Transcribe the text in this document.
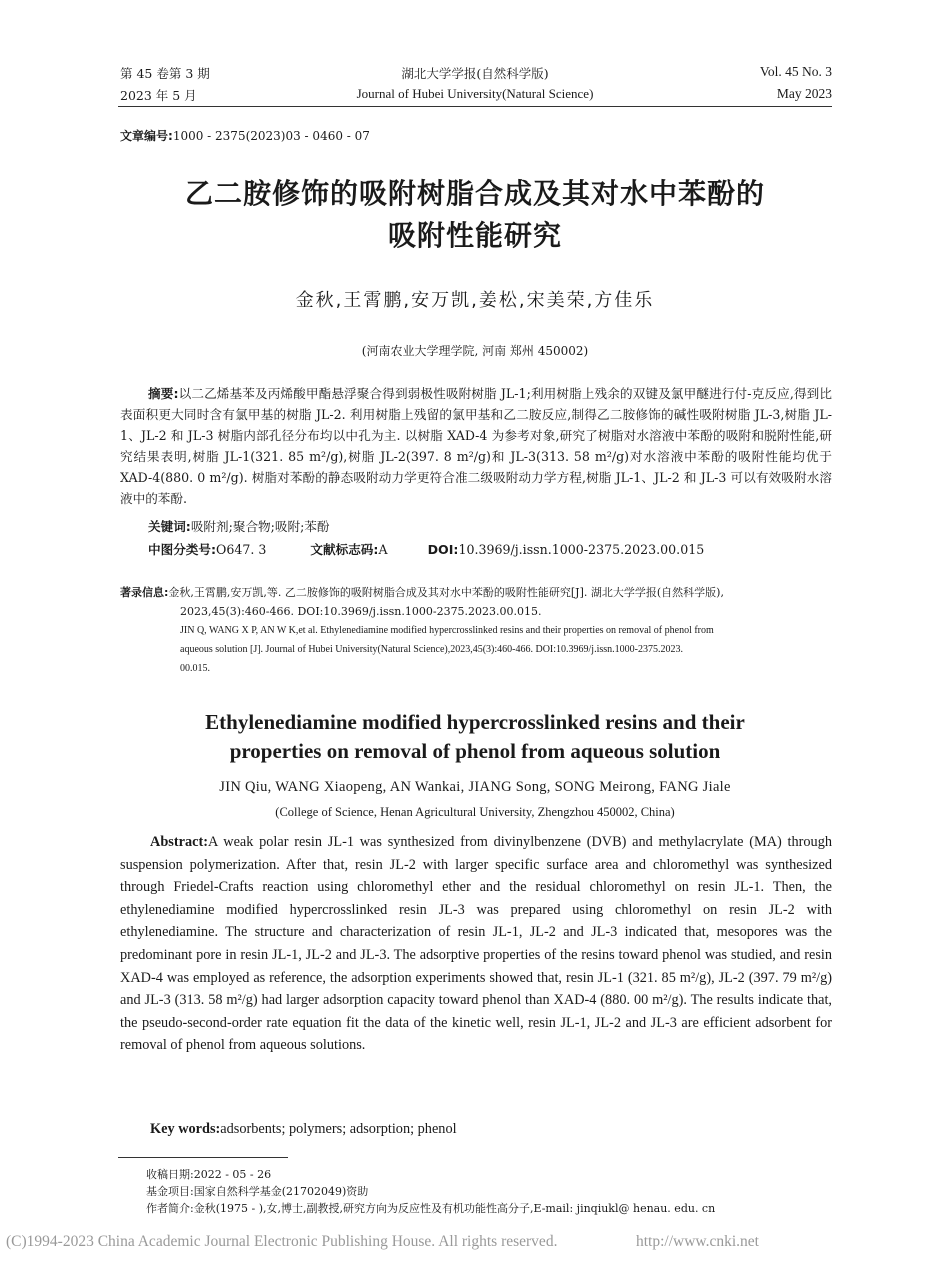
第 45 卷第 3 期
2023 年 5 月
湖北大学学报(自然科学版)
Journal of Hubei University(Natural Science)
Vol. 45 No. 3
May 2023
文章编号:1000 - 2375(2023)03 - 0460 - 07
乙二胺修饰的吸附树脂合成及其对水中苯酚的
吸附性能研究
金秋,王霄鹏,安万凯,姜松,宋美荣,方佳乐
(河南农业大学理学院, 河南 郑州 450002)
摘要:以二乙烯基苯及丙烯酸甲酯悬浮聚合得到弱极性吸附树脂 JL-1;利用树脂上残余的双键及氯甲醚进行付-克反应,得到比表面积更大同时含有氯甲基的树脂 JL-2. 利用树脂上残留的氯甲基和乙二胺反应,制得乙二胺修饰的碱性吸附树脂 JL-3,树脂 JL-1、JL-2 和 JL-3 树脂内部孔径分布均以中孔为主. 以树脂 XAD-4 为参考对象,研究了树脂对水溶液中苯酚的吸附和脱附性能,研究结果表明,树脂 JL-1(321. 85 m²/g),树脂 JL-2(397. 8 m²/g)和 JL-3(313. 58 m²/g)对水溶液中苯酚的吸附性能均优于 XAD-4(880. 0 m²/g). 树脂对苯酚的静态吸附动力学更符合准二级吸附动力学方程,树脂 JL-1、JL-2 和 JL-3 可以有效吸附水溶液中的苯酚.
关键词:吸附剂;聚合物;吸附;苯酚
中图分类号:O647. 3	文献标志码:A	DOI:10.3969/j.issn.1000-2375.2023.00.015
著录信息:金秋,王霄鹏,安万凯,等. 乙二胺修饰的吸附树脂合成及其对水中苯酚的吸附性能研究[J]. 湖北大学学报(自然科学版),
2023,45(3):460-466. DOI:10.3969/j.issn.1000-2375.2023.00.015.
JIN Q, WANG X P, AN W K,et al. Ethylenediamine modified hypercrosslinked resins and their properties on removal of phenol from
aqueous solution [J]. Journal of Hubei University(Natural Science),2023,45(3):460-466. DOI:10.3969/j.issn.1000-2375.2023.
00.015.
Ethylenediamine modified hypercrosslinked resins and their
properties on removal of phenol from aqueous solution
JIN Qiu, WANG Xiaopeng, AN Wankai, JIANG Song, SONG Meirong, FANG Jiale
(College of Science, Henan Agricultural University, Zhengzhou 450002, China)
Abstract:A weak polar resin JL-1 was synthesized from divinylbenzene (DVB) and methylacrylate (MA) through suspension polymerization. After that, resin JL-2 with larger specific surface area and chloromethyl was synthesized through Friedel-Crafts reaction using chloromethyl ether and the residual chloromethyl on resin JL-1. Then, the ethylenediamine modified hypercrosslinked resin JL-3 was prepared using chloromethyl on resin JL-2 with ethylenediamine. The structure and characterization of resin JL-1, JL-2 and JL-3 indicated that, mesopores was the predominant pore in resin JL-1, JL-2 and JL-3. The adsorptive properties of the resins toward phenol was studied, and resin XAD-4 was employed as reference, the adsorption experiments showed that, resin JL-1 (321. 85 m²/g), JL-2 (397. 79 m²/g) and JL-3 (313. 58 m²/g) had larger adsorption capacity toward phenol than XAD-4 (880. 00 m²/g). The results indicate that, the pseudo-second-order rate equation fit the data of the kinetic well, resin JL-1, JL-2 and JL-3 are efficient adsorbent for removal of phenol from aqueous solutions.
Key words:adsorbents; polymers; adsorption; phenol
收稿日期:2022 - 05 - 26
基金项目:国家自然科学基金(21702049)资助
作者简介:金秋(1975 - ),女,博士,副教授,研究方向为反应性及有机功能性高分子,E-mail: jinqiukl@ henau. edu. cn
(C)1994-2023 China Academic Journal Electronic Publishing House. All rights reserved.	http://www.cnki.net
